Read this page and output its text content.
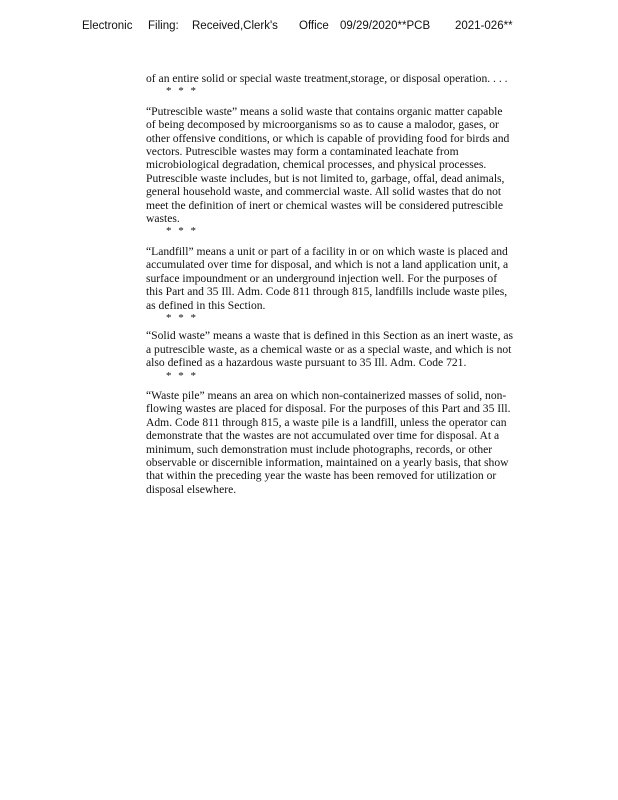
Electronic Filing: Received,Clerk's Office 09/29/2020**PCB 2021-026**

of an entire solid or special waste treatment,storage, or disposal operation. . . .

* * *

“Putrescible waste” means a solid waste that contains organic matter capable of being decomposed by microorganisms so as to cause a malodor, gases, or other offensive conditions, or which is capable of providing food for birds and vectors. Putrescible wastes may form a contaminated leachate from microbiological degradation, chemical processes, and physical processes. Putrescible waste includes, but is not limited to, garbage, offal, dead animals, general household waste, and commercial waste. All solid wastes that do not meet the definition of inert or chemical wastes will be considered putrescible wastes.

* * *

“Landfill” means a unit or part of a facility in or on which waste is placed and accumulated over time for disposal, and which is not a land application unit, a surface impoundment or an underground injection well. For the purposes of this Part and 35 Ill. Adm. Code 811 through 815, landfills include waste piles, as defined in this Section.

* * *

“Solid waste” means a waste that is defined in this Section as an inert waste, as a putrescible waste, as a chemical waste or as a special waste, and which is not also defined as a hazardous waste pursuant to 35 Ill. Adm. Code 721.

* * *

“Waste pile” means an area on which non-containerized masses of solid, non-flowing wastes are placed for disposal. For the purposes of this Part and 35 Ill. Adm. Code 811 through 815, a waste pile is a landfill, unless the operator can demonstrate that the wastes are not accumulated over time for disposal. At a minimum, such demonstration must include photographs, records, or other observable or discernible information, maintained on a yearly basis, that show that within the preceding year the waste has been removed for utilization or disposal elsewhere.
